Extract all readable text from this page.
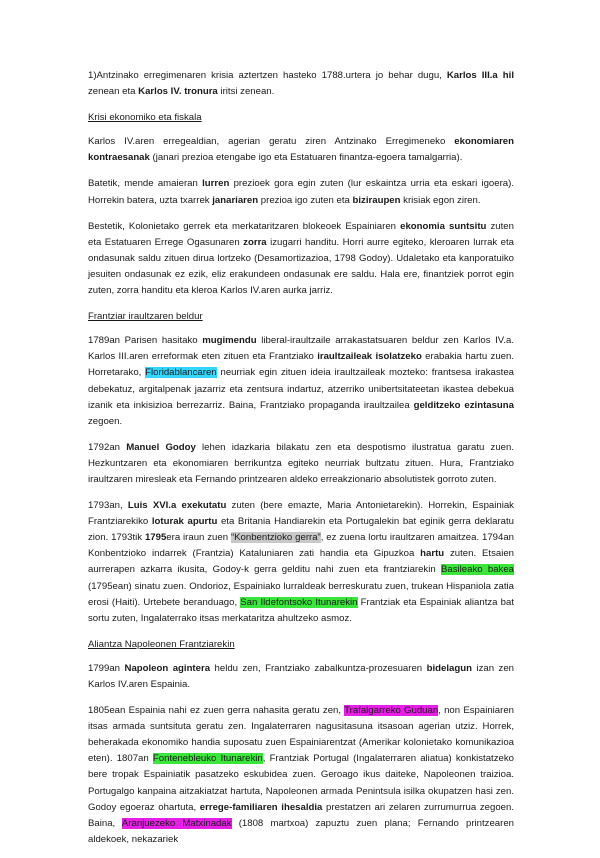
1)Antzinako erregimenaren krisia aztertzen hasteko 1788.urtera jo behar dugu, Karlos III.a hil zenean eta Karlos IV. tronura iritsi zenean.

Krisi ekonomiko eta fiskala

Karlos IV.aren erregealdian, agerian geratu ziren Antzinako Erregimeneko ekonomiaren kontraesanak (janari prezioa etengabe igo eta Estatuaren finantza-egoera tamalgarria).

Batetik, mende amaieran lurren prezioek gora egin zuten (lur eskaintza urria eta eskari igoera). Horrekin batera, uzta txarrek janariaren prezioa igo zuten eta biziraupen krisiak egon ziren.

Bestetik, Kolonietako gerrek eta merkataritzaren blokeoek Espainiaren ekonomia suntsitu zuten eta Estatuaren Errege Ogasunaren zorra izugarri handitu. Horri aurre egiteko, kleroaren lurrak eta ondasunak saldu zituen dirua lortzeko (Desamortizazioa, 1798 Godoy). Udaletako eta kanporatuiko jesuiten ondasunak ez ezik, eliz erakundeen ondasunak ere saldu. Hala ere, finantziek porrot egin zuten, zorra handitu eta kleroa Karlos IV.aren aurka jarriz.

Frantziar iraultzaren beldur

1789an Parisen hasitako mugimendu liberal-iraultzaile arrakastatsuaren beldur zen Karlos IV.a. Karlos III.aren erreformak eten zituen eta Frantziako iraultzaileak isolatzeko erabakia hartu zuen. Horretarako, Floridablancaren neurriak egin zituen ideia iraultzaileak mozteko: frantsesa irakastea debekatuz, argitalpenak jazarriz eta zentsura indartuz, atzerriko unibertsitateetan ikastea debekua izanik eta inkisizioa berrezarriz. Baina, Frantziako propaganda iraultzailea gelditzeko ezintasuna zegoen.

1792an Manuel Godoy lehen idazkaria bilakatu zen eta despotismo ilustratua garatu zuen. Hezkuntzaren eta ekonomiaren berrikuntza egiteko neurriak bultzatu zituen. Hura, Frantziako iraultzaren miresleak eta Fernando printzearen aldeko erreakzionario absolutistek gorroto zuten.

1793an, Luis XVI.a exekutatu zuten (bere emazte, Maria Antonietarekin). Horrekin, Espainiak Frantziarekiko loturak apurtu eta Britania Handiarekin eta Portugalekin bat eginik gerra deklaratu zion. 1793tik 1795era iraun zuen “Konbentzioko gerra”, ez zuena lortu iraultzaren amaitzea. 1794an Konbentzioko indarrek (Frantzia) Kataluniaren zati handia eta Gipuzkoa hartu zuten. Etsaien aurrerapen azkarra ikusita, Godoy-k gerra gelditu nahi zuen eta frantziarekin Basileako bakea (1795ean) sinatu zuen. Ondorioz, Espainiako lurraldeak berreskuratu zuen, trukean Hispaniola zatia erosi (Haiti). Urtebete beranduago, San Ildefontsoko Itunarekin Frantziak eta Espainiak aliantza bat sortu zuten, Ingalaterrako itsas merkataritza ahultzeko asmoz.

Aliantza Napoleonen Frantziarekin

1799an Napoleon agintera heldu zen, Frantziako zabalkuntza-prozesuaren bidelagun izan zen Karlos IV.aren Espainia.

1805ean Espainia nahi ez zuen gerra nahasita geratu zen, Trafalgarreko Guduan, non Espainiaren itsas armada suntsituta geratu zen. Ingalaterraren nagusitasuna itsasoan agerian utziz. Horrek, beherakada ekonomiko handia suposatu zuen Espainiarentzat (Amerikar kolonietako komunikazioa eten). 1807an Fontenebleuko Itunarekin, Frantziak Portugal (Ingalaterraren aliatua) konkistatzeko bere tropak Espainiatik pasatzeko eskubidea zuen. Geroago ikus daiteke, Napoleonen traizioa. Portugalgo kanpaina aitzakiatzat hartuta, Napoleonen armada Penintsula isilka okupatzen hasi zen. Godoy egoeraz ohartuta, errege-familiaren ihesaldia prestatzen ari zelaren zurrumurrua zegoen. Baina, Aranjuezeko Matxinadak (1808 martxoa) zapuztu zuen plana; Fernando printzearen aldekoek, nekazariek
